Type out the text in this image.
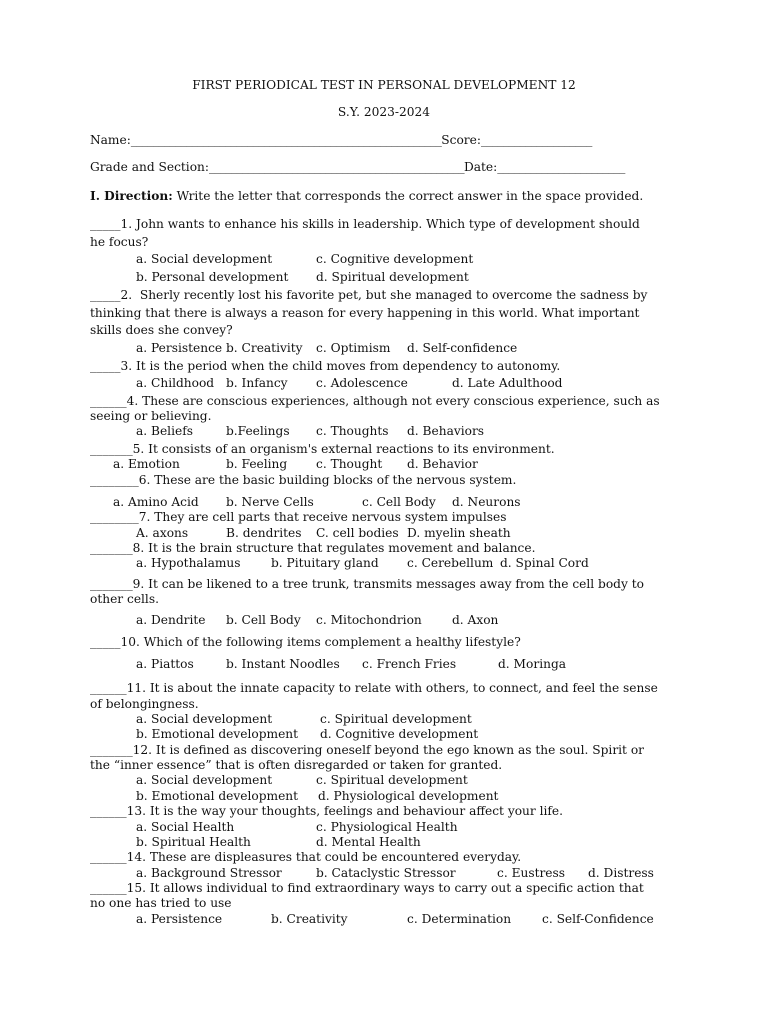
FIRST PERIODICAL TEST IN PERSONAL DEVELOPMENT 12
S.Y. 2023-2024
Name:________________________________________________________Score:____________________
Grade and Section:______________________________________________Date:_______________________
I. Direction: Write the letter that corresponds the correct answer in the space provided.
_____1. John wants to enhance his skills in leadership. Which type of development should
he focus?
a. Social development	c. Cognitive development
b. Personal development d. Spiritual development
_____2.  Sherly recently lost his favorite pet, but she managed to overcome the sadness by
thinking that there is always a reason for every happening in this world. What important
skills does she convey?
a. Persistence b. Creativity c. Optimism d. Self-confidence
_____3. It is the period when the child moves from dependency to autonomy.
a. Childhood b. Infancy c. Adolescence	d. Late Adulthood
______4. These are conscious experiences, although not every conscious experience, such as
seeing or believing.
a. Beliefs	b.Feelings c. Thoughts d. Behaviors
_______5. It consists of an organism's external reactions to its environment.
a. Emotion	b. Feeling c. Thought d. Behavior
________6. These are the basic building blocks of the nervous system.
a. Amino Acid b. Nerve Cells	c. Cell Body d. Neurons
________7. They are cell parts that receive nervous system impulses
A. axons	B. dendrites C. cell bodies D. myelin sheath
_______8. It is the brain structure that regulates movement and balance.
a. Hypothalamus b. Pituitary gland c. Cerebellum d. Spinal Cord
_______9. It can be likened to a tree trunk, transmits messages away from the cell body to
other cells.
a. Dendrite b. Cell Body c. Mitochondrion d. Axon
_____10. Which of the following items complement a healthy lifestyle?
a. Piattos	b. Instant Noodles c. French Fries	d. Moringa
______11. It is about the innate capacity to relate with others, to connect, and feel the sense
of belongingness.
a. Social development	c. Spiritual development
b. Emotional development d. Cognitive development
_______12. It is defined as discovering oneself beyond the ego known as the soul. Spirit or
the “inner essence” that is often disregarded or taken for granted.
a. Social development	c. Spiritual development
b. Emotional development d. Physiological development
______13. It is the way your thoughts, feelings and behaviour affect your life.
a. Social Health	c. Physiological Health
b. Spiritual Health	d. Mental Health
______14. These are displeasures that could be encountered everyday.
a. Background Stressor	b. Cataclystic Stressor	c. Eustress d. Distress
______15. It allows individual to find extraordinary ways to carry out a specific action that
no one has tried to use
a. Persistence	b. Creativity	c. Determination	c. Self-Confidence
